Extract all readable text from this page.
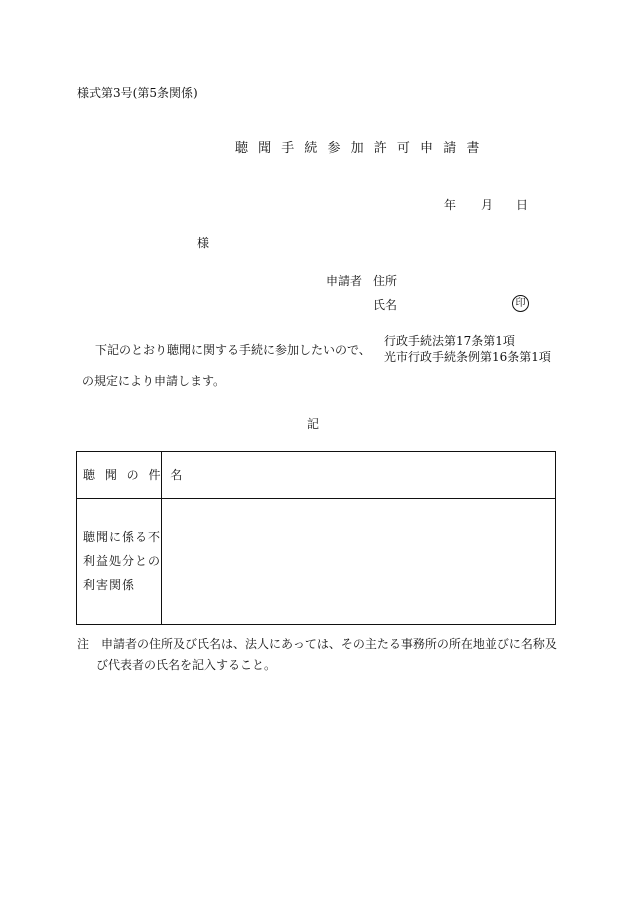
様式第3号(第5条関係)
聴 聞 手 続 参 加 許 可 申 請 書
年 月 日
様
申請者 住所
氏名	印
下記のとおり聴聞に関する手続に参加したいので、
行政手続法第17条第1項
光市行政手続条例第16条第1項
の規定により申請します。
記
聴 聞 の 件 名
聴聞に係る不
利益処分との
利害関係
注　申請者の住所及び氏名は、法人にあっては、その主たる事務所の所在地並びに名称及
び代表者の氏名を記入すること。
